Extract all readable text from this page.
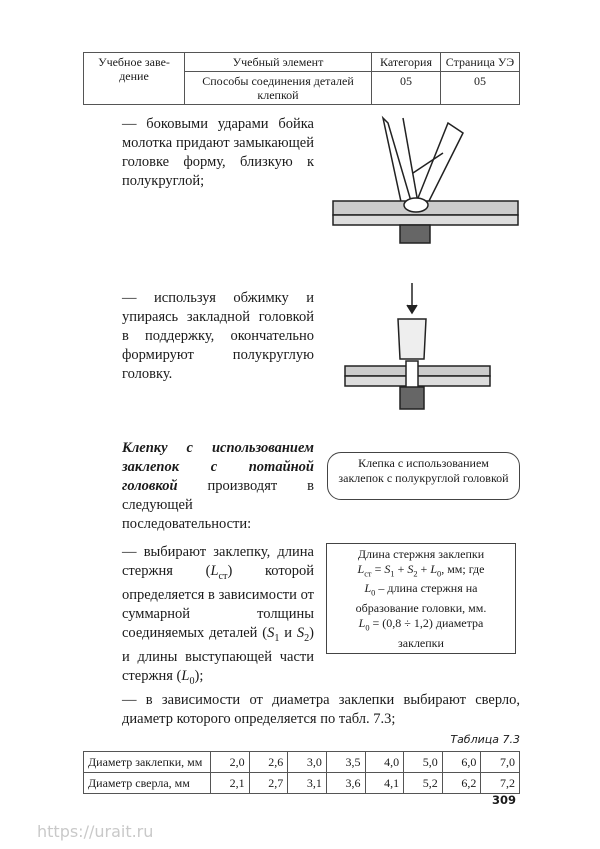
Учебное заве-дение	Учебный элемент	Категория	Страница УЭ
	Способы соединения деталей клепкой	05	05
— боковыми ударами бойка молотка придают замыкающей головке форму, близкую к полукруглой;
— используя обжимку и упираясь закладной головкой в поддержку, окончательно формируют полукруглую головку.
Клепку с использованием заклепок с потайной головкой производят в следующей последовательности:
Клепка с использованием заклепок с полукруглой головкой
— выбирают заклепку, длина стержня $(L_{ст})$ которой определяется в зависимости от суммарной толщины соединяемых деталей ($S_1$ и $S_2$) и длины выступающей части стержня $(L_0)$;
Длина стержня заклепки
$L_{ст} = S_1 + S_2 + L_0$, мм; где
$L_0$ – длина стержня на
образование головки, мм.
$L_0 = (0,8 \div 1,2)$ диаметра
заклепки
— в зависимости от диаметра заклепки выбирают сверло, диаметр которого определяется по табл. 7.3;
Таблица 7.3
Диаметр заклепки, мм	2,0	2,6	3,0	3,5	4,0	5,0	6,0	7,0
Диаметр сверла, мм	2,1	2,7	3,1	3,6	4,1	5,2	6,2	7,2
309
https://urait.ru
